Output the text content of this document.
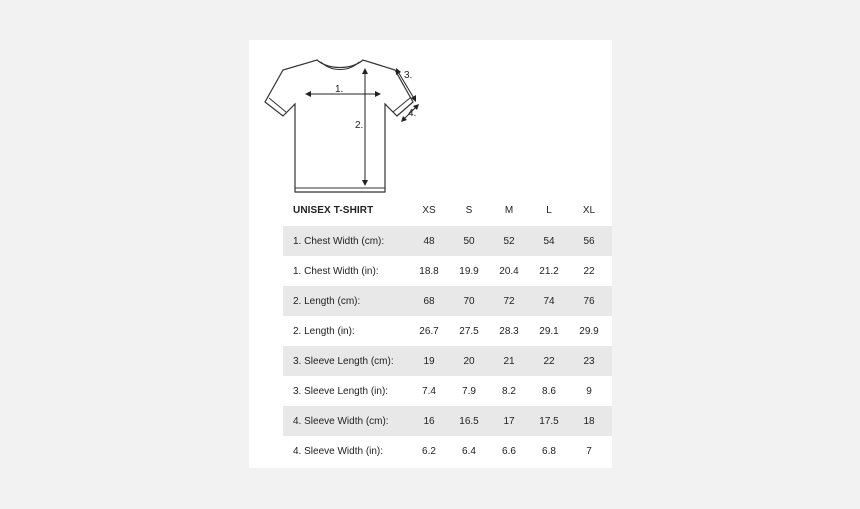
1.
2.
3.
4.
UNISEX T-SHIRT	XS	S	M	L	XL
1. Chest Width (cm):	48	50	52	54	56
1. Chest Width (in):	18.8	19.9	20.4	21.2	22
2. Length (cm):	68	70	72	74	76
2. Length (in):	26.7	27.5	28.3	29.1	29.9
3. Sleeve Length (cm):	19	20	21	22	23
3. Sleeve Length (in):	7.4	7.9	8.2	8.6	9
4. Sleeve Width (cm):	16	16.5	17	17.5	18
4. Sleeve Width (in):	6.2	6.4	6.6	6.8	7
